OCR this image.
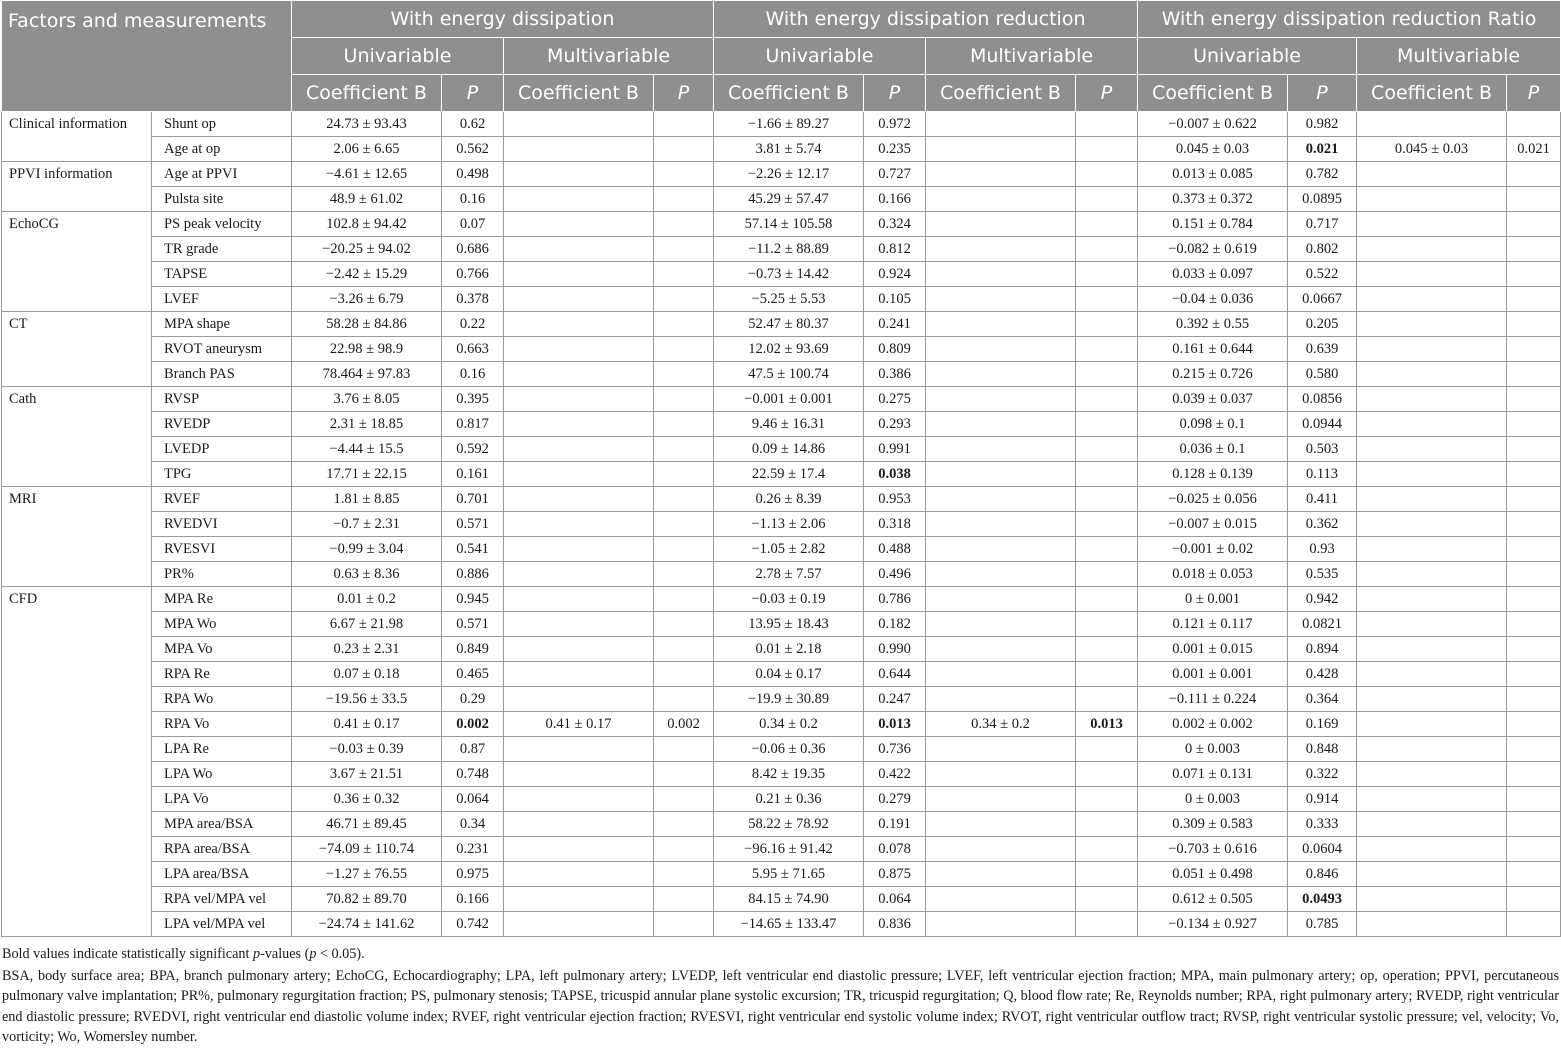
Factors and measurements		With energy dissipation				With energy dissipation reduction				With energy dissipation reduction Ratio			
		Univariable		Multivariable		Univariable		Multivariable		Univariable		Multivariable	
		Coefficient B	P	Coefficient B	P	Coefficient B	P	Coefficient B	P	Coefficient B	P	Coefficient B	P
Clinical information	Shunt op	24.73 ± 93.43	0.62			−1.66 ± 89.27	0.972			−0.007 ± 0.622	0.982		
	Age at op	2.06 ± 6.65	0.562			3.81 ± 5.74	0.235			0.045 ± 0.03	0.021	0.045 ± 0.03	0.021
PPVI information	Age at PPVI	−4.61 ± 12.65	0.498			−2.26 ± 12.17	0.727			0.013 ± 0.085	0.782		
	Pulsta site	48.9 ± 61.02	0.16			45.29 ± 57.47	0.166			0.373 ± 0.372	0.0895		
EchoCG	PS peak velocity	102.8 ± 94.42	0.07			57.14 ± 105.58	0.324			0.151 ± 0.784	0.717		
	TR grade	−20.25 ± 94.02	0.686			−11.2 ± 88.89	0.812			−0.082 ± 0.619	0.802		
	TAPSE	−2.42 ± 15.29	0.766			−0.73 ± 14.42	0.924			0.033 ± 0.097	0.522		
	LVEF	−3.26 ± 6.79	0.378			−5.25 ± 5.53	0.105			−0.04 ± 0.036	0.0667		
CT	MPA shape	58.28 ± 84.86	0.22			52.47 ± 80.37	0.241			0.392 ± 0.55	0.205		
	RVOT aneurysm	22.98 ± 98.9	0.663			12.02 ± 93.69	0.809			0.161 ± 0.644	0.639		
	Branch PAS	78.464 ± 97.83	0.16			47.5 ± 100.74	0.386			0.215 ± 0.726	0.580		
Cath	RVSP	3.76 ± 8.05	0.395			−0.001 ± 0.001	0.275			0.039 ± 0.037	0.0856		
	RVEDP	2.31 ± 18.85	0.817			9.46 ± 16.31	0.293			0.098 ± 0.1	0.0944		
	LVEDP	−4.44 ± 15.5	0.592			0.09 ± 14.86	0.991			0.036 ± 0.1	0.503		
	TPG	17.71 ± 22.15	0.161			22.59 ± 17.4	0.038			0.128 ± 0.139	0.113		
MRI	RVEF	1.81 ± 8.85	0.701			0.26 ± 8.39	0.953			−0.025 ± 0.056	0.411		
	RVEDVI	−0.7 ± 2.31	0.571			−1.13 ± 2.06	0.318			−0.007 ± 0.015	0.362		
	RVESVI	−0.99 ± 3.04	0.541			−1.05 ± 2.82	0.488			−0.001 ± 0.02	0.93		
	PR%	0.63 ± 8.36	0.886			2.78 ± 7.57	0.496			0.018 ± 0.053	0.535		
CFD	MPA Re	0.01 ± 0.2	0.945			−0.03 ± 0.19	0.786			0 ± 0.001	0.942		
	MPA Wo	6.67 ± 21.98	0.571			13.95 ± 18.43	0.182			0.121 ± 0.117	0.0821		
	MPA Vo	0.23 ± 2.31	0.849			0.01 ± 2.18	0.990			0.001 ± 0.015	0.894		
	RPA Re	0.07 ± 0.18	0.465			0.04 ± 0.17	0.644			0.001 ± 0.001	0.428		
	RPA Wo	−19.56 ± 33.5	0.29			−19.9 ± 30.89	0.247			−0.111 ± 0.224	0.364		
	RPA Vo	0.41 ± 0.17	0.002	0.41 ± 0.17	0.002	0.34 ± 0.2	0.013	0.34 ± 0.2	0.013	0.002 ± 0.002	0.169		
	LPA Re	−0.03 ± 0.39	0.87			−0.06 ± 0.36	0.736			0 ± 0.003	0.848		
	LPA Wo	3.67 ± 21.51	0.748			8.42 ± 19.35	0.422			0.071 ± 0.131	0.322		
	LPA Vo	0.36 ± 0.32	0.064			0.21 ± 0.36	0.279			0 ± 0.003	0.914		
	MPA area/BSA	46.71 ± 89.45	0.34			58.22 ± 78.92	0.191			0.309 ± 0.583	0.333		
	RPA area/BSA	−74.09 ± 110.74	0.231			−96.16 ± 91.42	0.078			−0.703 ± 0.616	0.0604		
	LPA area/BSA	−1.27 ± 76.55	0.975			5.95 ± 71.65	0.875			0.051 ± 0.498	0.846		
	RPA vel/MPA vel	70.82 ± 89.70	0.166			84.15 ± 74.90	0.064			0.612 ± 0.505	0.0493		
	LPA vel/MPA vel	−24.74 ± 141.62	0.742			−14.65 ± 133.47	0.836			−0.134 ± 0.927	0.785		

Bold values indicate statistically significant p-values (p < 0.05).

BSA, body surface area; BPA, branch pulmonary artery; EchoCG, Echocardiography; LPA, left pulmonary artery; LVEDP, left ventricular end diastolic pressure; LVEF, left ventricular ejection fraction; MPA, main pulmonary artery; op, operation; PPVI, percutaneous pulmonary valve implantation; PR%, pulmonary regurgitation fraction; PS, pulmonary stenosis; TAPSE, tricuspid annular plane systolic excursion; TR, tricuspid regurgitation; Q, blood flow rate; Re, Reynolds number; RPA, right pulmonary artery; RVEDP, right ventricular end diastolic pressure; RVEDVI, right ventricular end diastolic volume index; RVEF, right ventricular ejection fraction; RVESVI, right ventricular end systolic volume index; RVOT, right ventricular outflow tract; RVSP, right ventricular systolic pressure; vel, velocity; Vo, vorticity; Wo, Womersley number.
